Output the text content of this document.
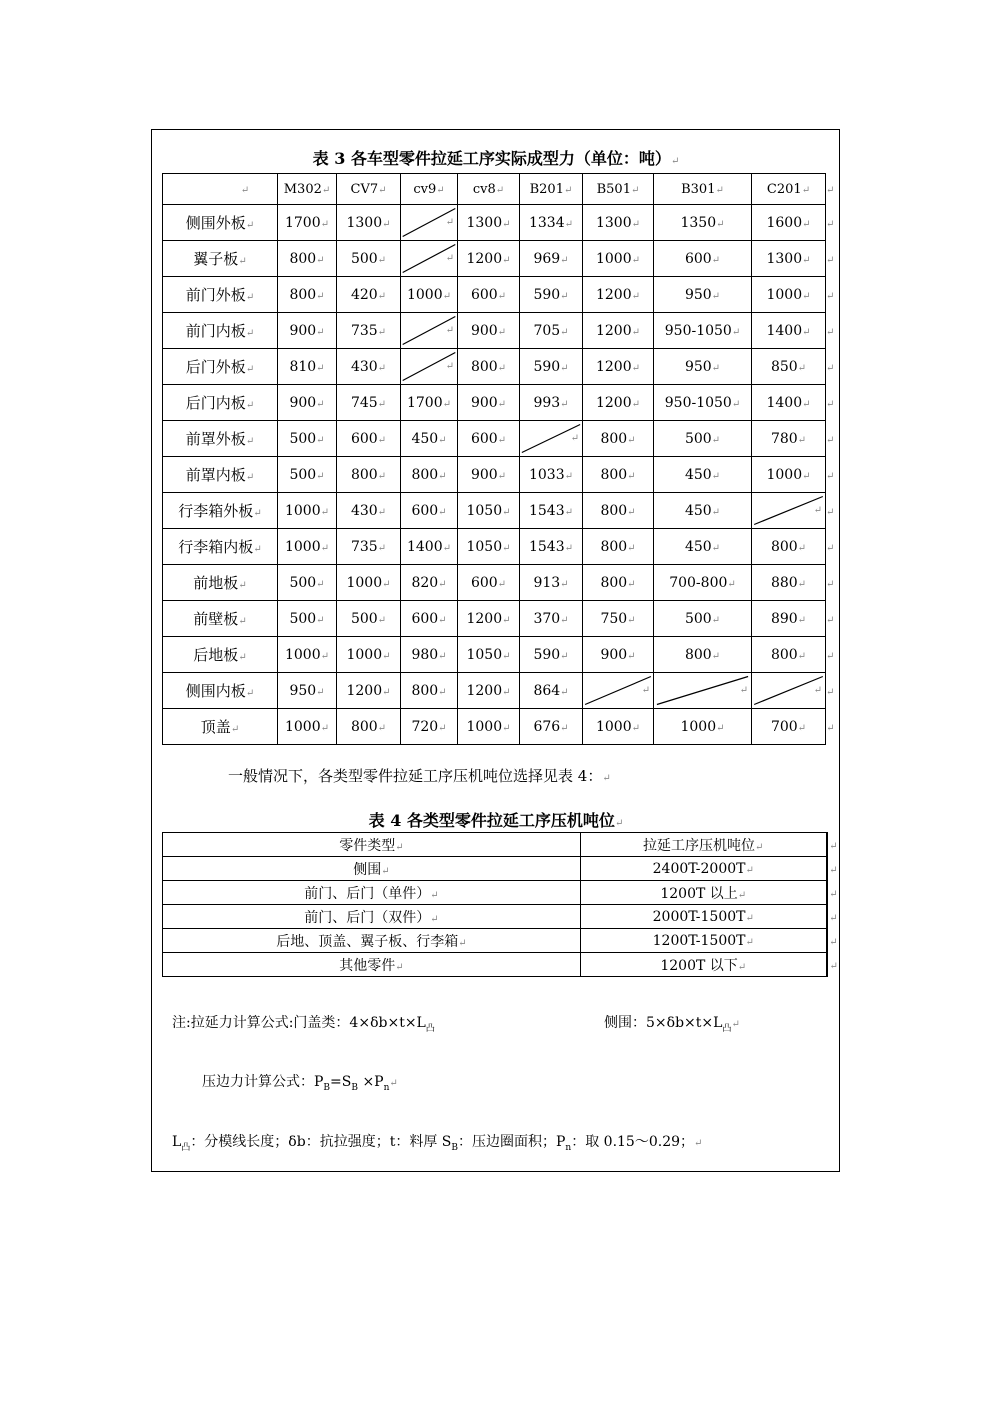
表 3 各车型零件拉延工序实际成型力（单位：吨）↵
↵	M302↵	CV7↵	cv9↵	cv8↵	B201↵	B501↵	B301↵	C201↵	↵
侧围外板↵	1700↵	1300↵	↵	1300↵	1334↵	1300↵	1350↵	1600↵	↵
翼子板↵	800↵	500↵	↵	1200↵	969↵	1000↵	600↵	1300↵	↵
前门外板↵	800↵	420↵	1000↵	600↵	590↵	1200↵	950↵	1000↵	↵
前门内板↵	900↵	735↵	↵	900↵	705↵	1200↵	950-1050↵	1400↵	↵
后门外板↵	810↵	430↵	↵	800↵	590↵	1200↵	950↵	850↵	↵
后门内板↵	900↵	745↵	1700↵	900↵	993↵	1200↵	950-1050↵	1400↵	↵
前罩外板↵	500↵	600↵	450↵	600↵	↵	800↵	500↵	780↵	↵
前罩内板↵	500↵	800↵	800↵	900↵	1033↵	800↵	450↵	1000↵	↵
行李箱外板↵	1000↵	430↵	600↵	1050↵	1543↵	800↵	450↵	↵	↵
行李箱内板↵	1000↵	735↵	1400↵	1050↵	1543↵	800↵	450↵	800↵	↵
前地板↵	500↵	1000↵	820↵	600↵	913↵	800↵	700-800↵	880↵	↵
前壁板↵	500↵	500↵	600↵	1200↵	370↵	750↵	500↵	890↵	↵
后地板↵	1000↵	1000↵	980↵	1050↵	590↵	900↵	800↵	800↵	↵
侧围内板↵	950↵	1200↵	800↵	1200↵	864↵	↵	↵	↵	↵
顶盖↵	1000↵	800↵	720↵	1000↵	676↵	1000↵	1000↵	700↵	↵
一般情况下，各类型零件拉延工序压机吨位选择见表 4：↵
表 4 各类型零件拉延工序压机吨位↵
零件类型↵	拉延工序压机吨位↵	↵
侧围↵	2400T-2000T↵	↵
前门、后门（单件）↵	1200T 以上↵	↵
前门、后门（双件）↵	2000T-1500T↵	↵
后地、顶盖、翼子板、行李箱↵	1200T-1500T↵	↵
其他零件↵	1200T 以下↵	↵
注:拉延力计算公式:门盖类：$4\times\delta b\times t\times L_凸$	侧围：$5\times\delta b\times t\times L_凸↵$
压边力计算公式：$P_B=S_B$ $\times P_n↵$
$L_凸$：分模线长度；δb：抗拉强度；t：料厚 $S_B$：压边圈面积；$P_n$：取 0.15～0.29；↵
